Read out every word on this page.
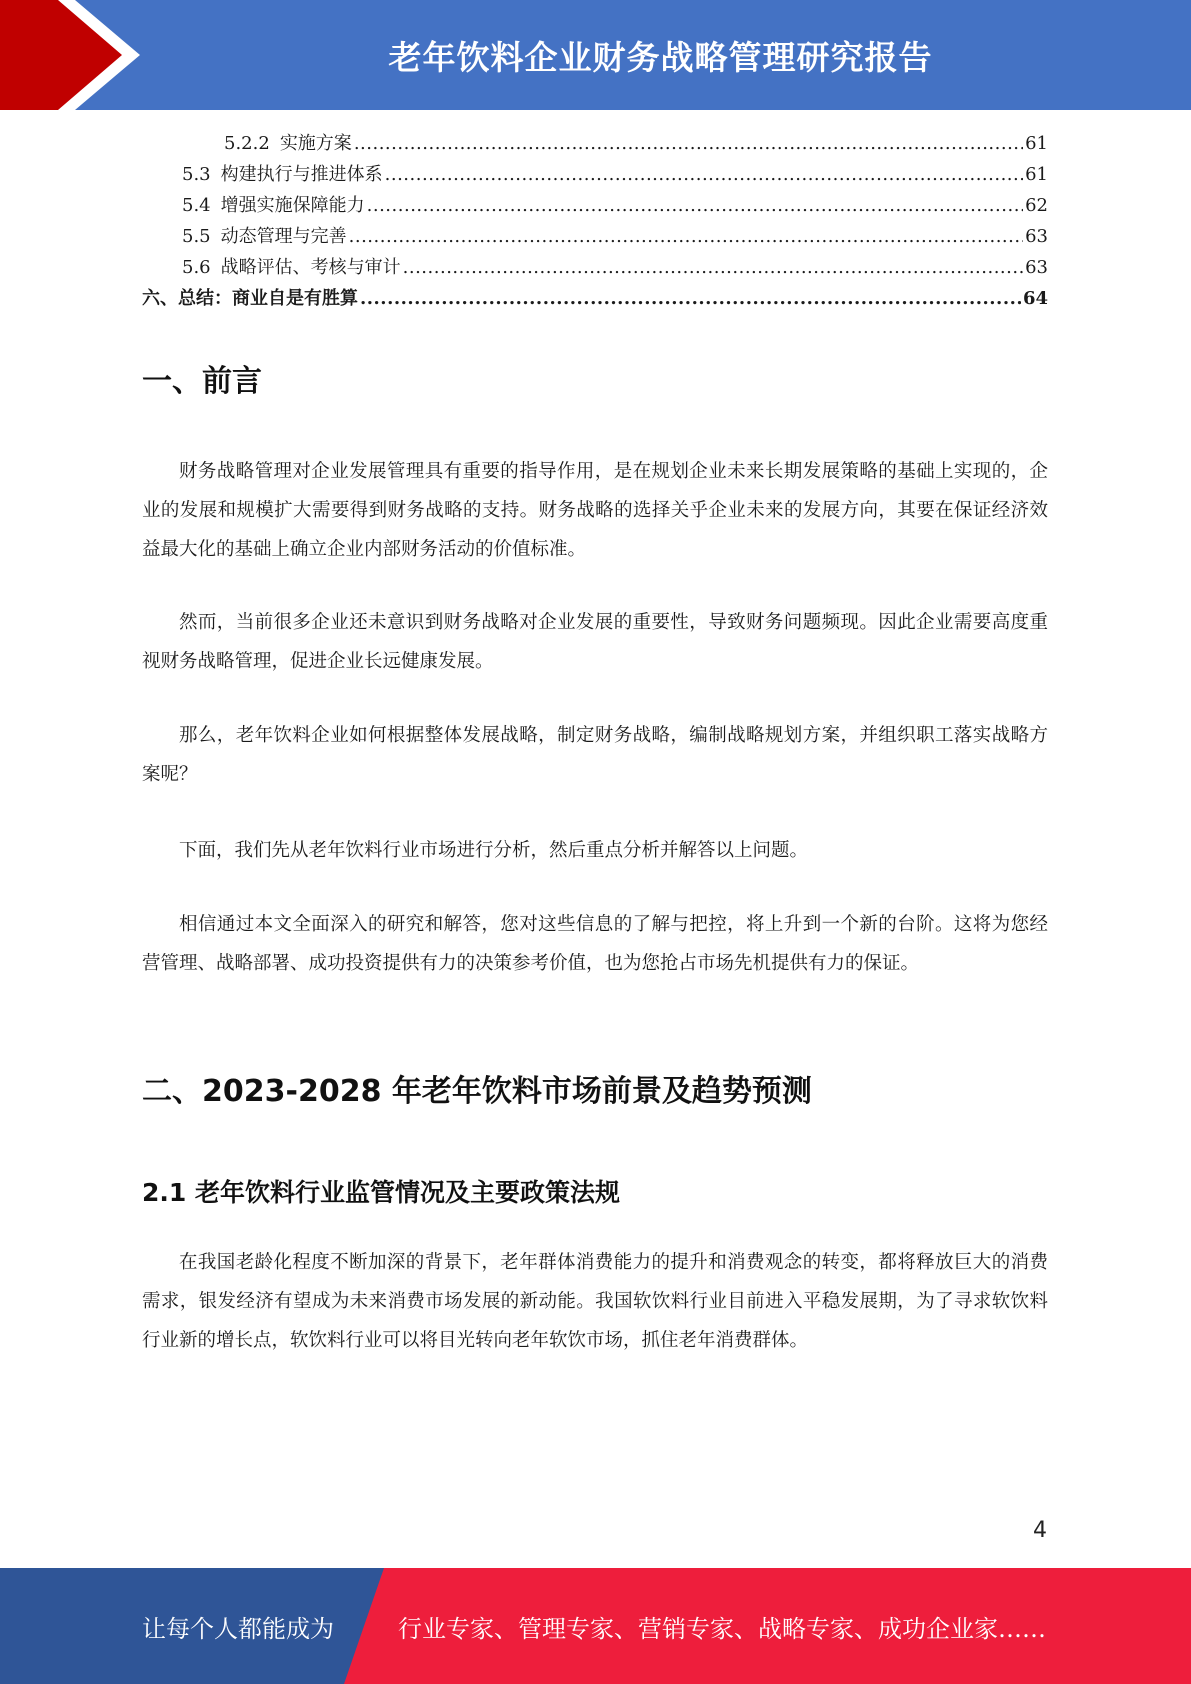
老年饮料企业财务战略管理研究报告
5.2.2 实施方案 .....	61
5.3 构建执行与推进体系 .....	61
5.4 增强实施保障能力 .....	62
5.5 动态管理与完善 .....	63
5.6 战略评估、考核与审计 .....	63
六、总结：商业自是有胜算 .....	64
一、前言

财务战略管理对企业发展管理具有重要的指导作用，是在规划企业未来长期发展策略的基础上实现的，企业的发展和规模扩大需要得到财务战略的支持。财务战略的选择关乎企业未来的发展方向，其要在保证经济效益最大化的基础上确立企业内部财务活动的价值标准。

然而，当前很多企业还未意识到财务战略对企业发展的重要性，导致财务问题频现。因此企业需要高度重视财务战略管理，促进企业长远健康发展。

那么，老年饮料企业如何根据整体发展战略，制定财务战略，编制战略规划方案，并组织职工落实战略方案呢？

下面，我们先从老年饮料行业市场进行分析，然后重点分析并解答以上问题。

相信通过本文全面深入的研究和解答，您对这些信息的了解与把控，将上升到一个新的台阶。这将为您经营管理、战略部署、成功投资提供有力的决策参考价值，也为您抢占市场先机提供有力的保证。

二、2023-2028 年老年饮料市场前景及趋势预测
2.1 老年饮料行业监管情况及主要政策法规

在我国老龄化程度不断加深的背景下，老年群体消费能力的提升和消费观念的转变，都将释放巨大的消费需求，银发经济有望成为未来消费市场发展的新动能。我国软饮料行业目前进入平稳发展期，为了寻求软饮料行业新的增长点，软饮料行业可以将目光转向老年软饮市场，抓住老年消费群体。

4
让每个人都能成为	行业专家、管理专家、营销专家、战略专家、成功企业家……
